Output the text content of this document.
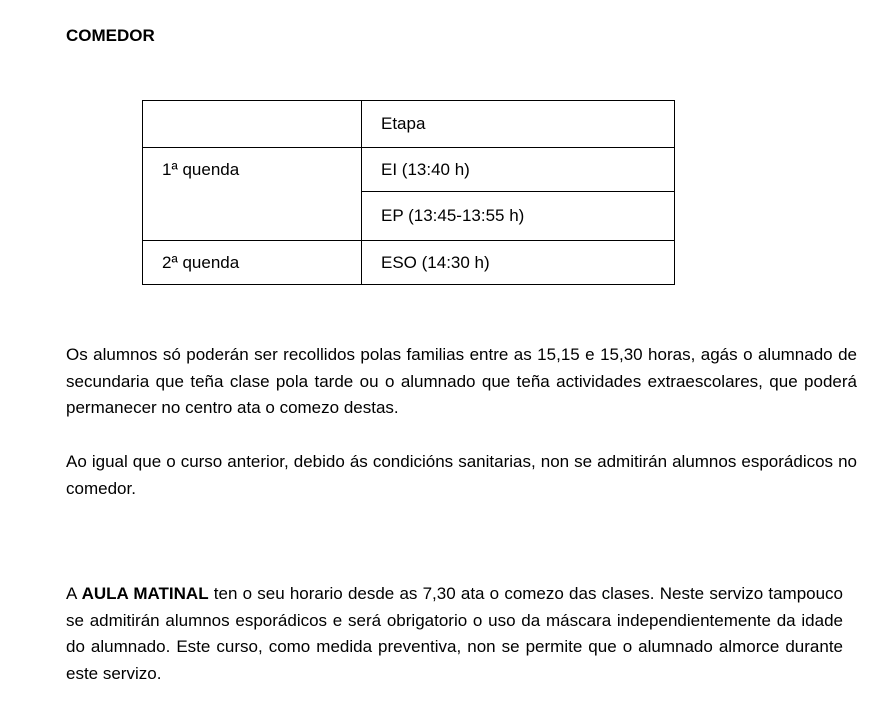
COMEDOR
	Etapa
1ª quenda	EI (13:40 h)
	EP (13:45-13:55 h)
2ª quenda	ESO (14:30 h)

Os alumnos só poderán ser recollidos polas familias entre as 15,15 e 15,30 horas, agás o alumnado de secundaria que teña clase pola tarde ou o alumnado que teña actividades extraescolares, que poderá permanecer no centro ata o comezo destas.

Ao igual que o curso anterior, debido ás condicións sanitarias, non se admitirán alumnos esporádicos no comedor.

A AULA MATINAL ten o seu horario desde as 7,30 ata o comezo das clases. Neste servizo tampouco se admitirán alumnos esporádicos e será obrigatorio o uso da máscara independientemente da idade do alumnado. Este curso, como medida preventiva, non se permite que o alumnado almorce durante este servizo.
